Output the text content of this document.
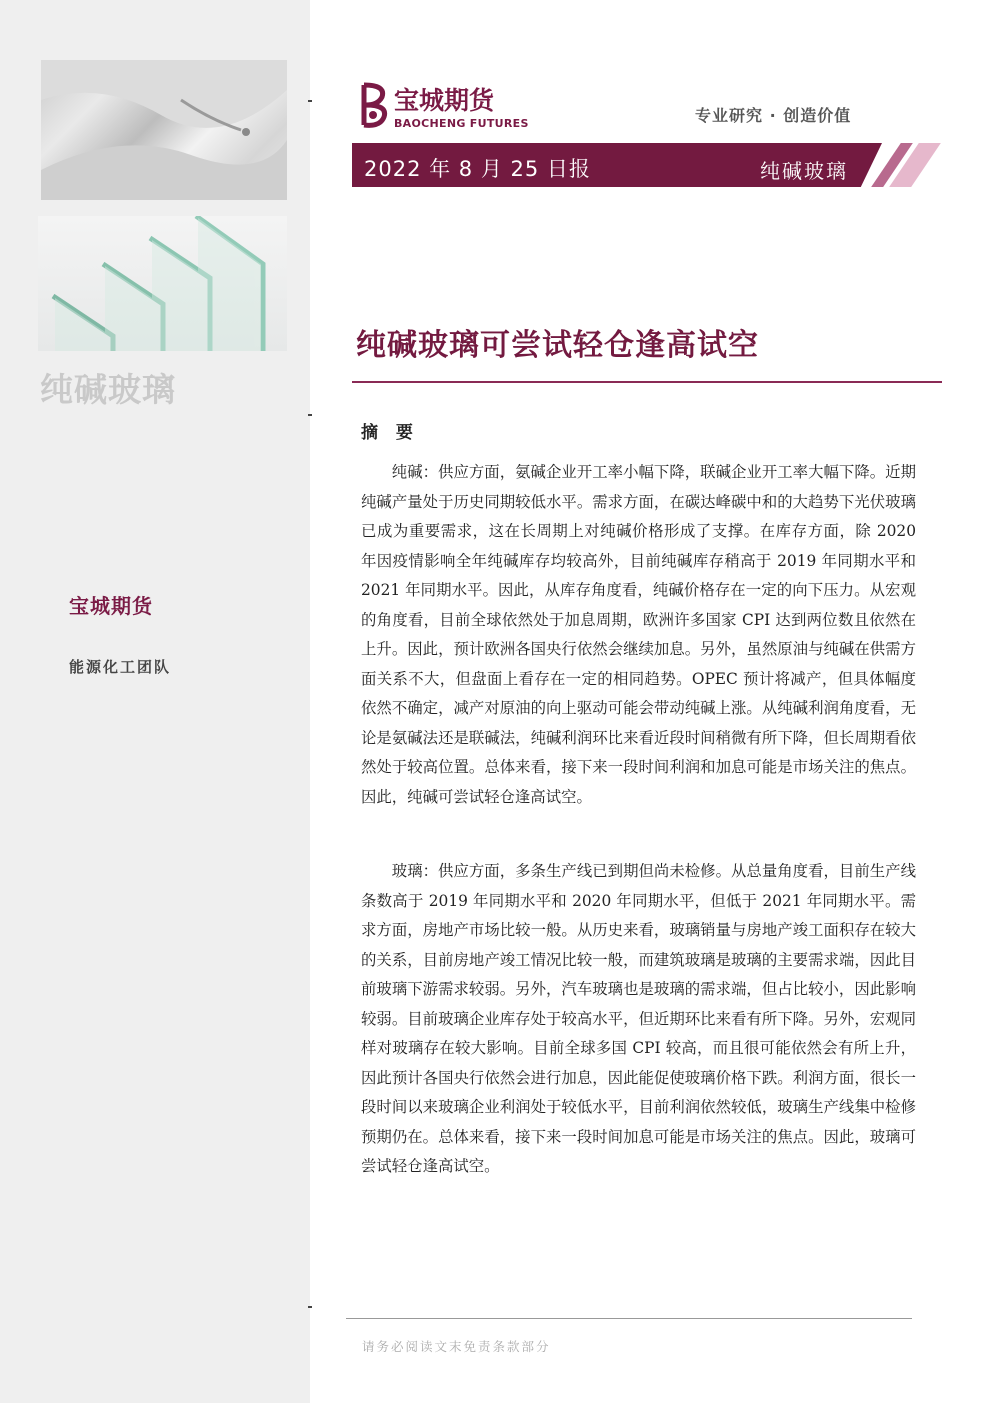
纯碱玻璃
宝城期货
能源化工团队
宝城期货
BAOCHENG FUTURES	专业研究 · 创造价值
2022 年 8 月 25 日报	纯碱玻璃
纯碱玻璃可尝试轻仓逢高试空
摘 要

纯碱：供应方面，氨碱企业开工率小幅下降，联碱企业开工率大幅下降。近期纯碱产量处于历史同期较低水平。需求方面，在碳达峰碳中和的大趋势下光伏玻璃已成为重要需求，这在长周期上对纯碱价格形成了支撑。在库存方面，除 2020 年因疫情影响全年纯碱库存均较高外，目前纯碱库存稍高于 2019 年同期水平和 2021 年同期水平。因此，从库存角度看，纯碱价格存在一定的向下压力。从宏观的角度看，目前全球依然处于加息周期，欧洲许多国家 CPI 达到两位数且依然在上升。因此，预计欧洲各国央行依然会继续加息。另外，虽然原油与纯碱在供需方面关系不大，但盘面上看存在一定的相同趋势。OPEC 预计将减产，但具体幅度依然不确定，减产对原油的向上驱动可能会带动纯碱上涨。从纯碱利润角度看，无论是氨碱法还是联碱法，纯碱利润环比来看近段时间稍微有所下降，但长周期看依然处于较高位置。总体来看，接下来一段时间利润和加息可能是市场关注的焦点。因此，纯碱可尝试轻仓逢高试空。

玻璃：供应方面，多条生产线已到期但尚未检修。从总量角度看，目前生产线条数高于 2019 年同期水平和 2020 年同期水平，但低于 2021 年同期水平。需求方面，房地产市场比较一般。从历史来看，玻璃销量与房地产竣工面积存在较大的关系，目前房地产竣工情况比较一般，而建筑玻璃是玻璃的主要需求端，因此目前玻璃下游需求较弱。另外，汽车玻璃也是玻璃的需求端，但占比较小，因此影响较弱。目前玻璃企业库存处于较高水平，但近期环比来看有所下降。另外，宏观同样对玻璃存在较大影响。目前全球多国 CPI 较高，而且很可能依然会有所上升，因此预计各国央行依然会进行加息，因此能促使玻璃价格下跌。利润方面，很长一段时间以来玻璃企业利润处于较低水平，目前利润依然较低，玻璃生产线集中检修预期仍在。总体来看，接下来一段时间加息可能是市场关注的焦点。因此，玻璃可尝试轻仓逢高试空。

请务必阅读文末免责条款部分
